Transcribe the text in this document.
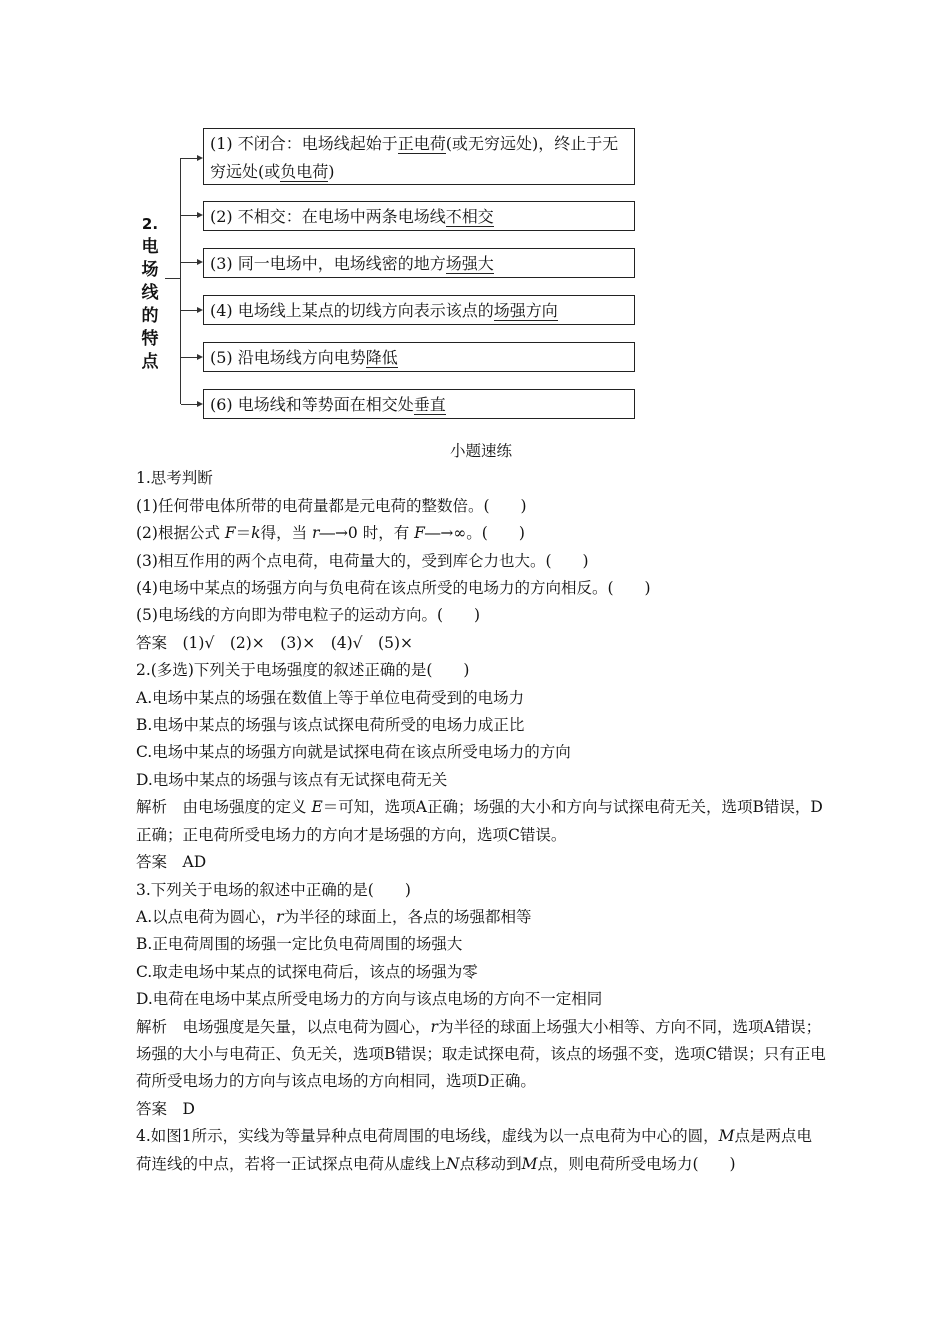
2.
电
场
线
的
特
点
(1) 不闭合：电场线起始于正电荷(或无穷远处)，终止于无穷远处(或负电荷)
(2) 不相交：在电场中两条电场线不相交
(3) 同一电场中，电场线密的地方场强大
(4) 电场线上某点的切线方向表示该点的场强方向
(5) 沿电场线方向电势降低
(6) 电场线和等势面在相交处垂直

小题速练

1.思考判断

(1)任何带电体所带的电荷量都是元电荷的整数倍。(　　)

(2)根据公式 F＝k得，当 r―→0 时，有 F―→∞。(　　)

(3)相互作用的两个点电荷，电荷量大的，受到库仑力也大。(　　)

(4)电场中某点的场强方向与负电荷在该点所受的电场力的方向相反。(　　)

(5)电场线的方向即为带电粒子的运动方向。(　　)

答案　(1)√　(2)×　(3)×　(4)√　(5)×

2.(多选)下列关于电场强度的叙述正确的是(　　)

A.电场中某点的场强在数值上等于单位电荷受到的电场力

B.电场中某点的场强与该点试探电荷所受的电场力成正比

C.电场中某点的场强方向就是试探电荷在该点所受电场力的方向

D.电场中某点的场强与该点有无试探电荷无关

解析　由电场强度的定义 E＝可知，选项A正确；场强的大小和方向与试探电荷无关，选项B错误，D正确；正电荷所受电场力的方向才是场强的方向，选项C错误。

答案　AD

3.下列关于电场的叙述中正确的是(　　)

A.以点电荷为圆心，r为半径的球面上，各点的场强都相等

B.正电荷周围的场强一定比负电荷周围的场强大

C.取走电场中某点的试探电荷后，该点的场强为零

D.电荷在电场中某点所受电场力的方向与该点电场的方向不一定相同

解析　电场强度是矢量，以点电荷为圆心，r为半径的球面上场强大小相等、方向不同，选项A错误；场强的大小与电荷正、负无关，选项B错误；取走试探电荷，该点的场强不变，选项C错误；只有正电荷所受电场力的方向与该点电场的方向相同，选项D正确。

答案　D

4.如图1所示，实线为等量异种点电荷周围的电场线，虚线为以一点电荷为中心的圆，M点是两点电荷连线的中点，若将一正试探点电荷从虚线上N点移动到M点，则电荷所受电场力(　　)
